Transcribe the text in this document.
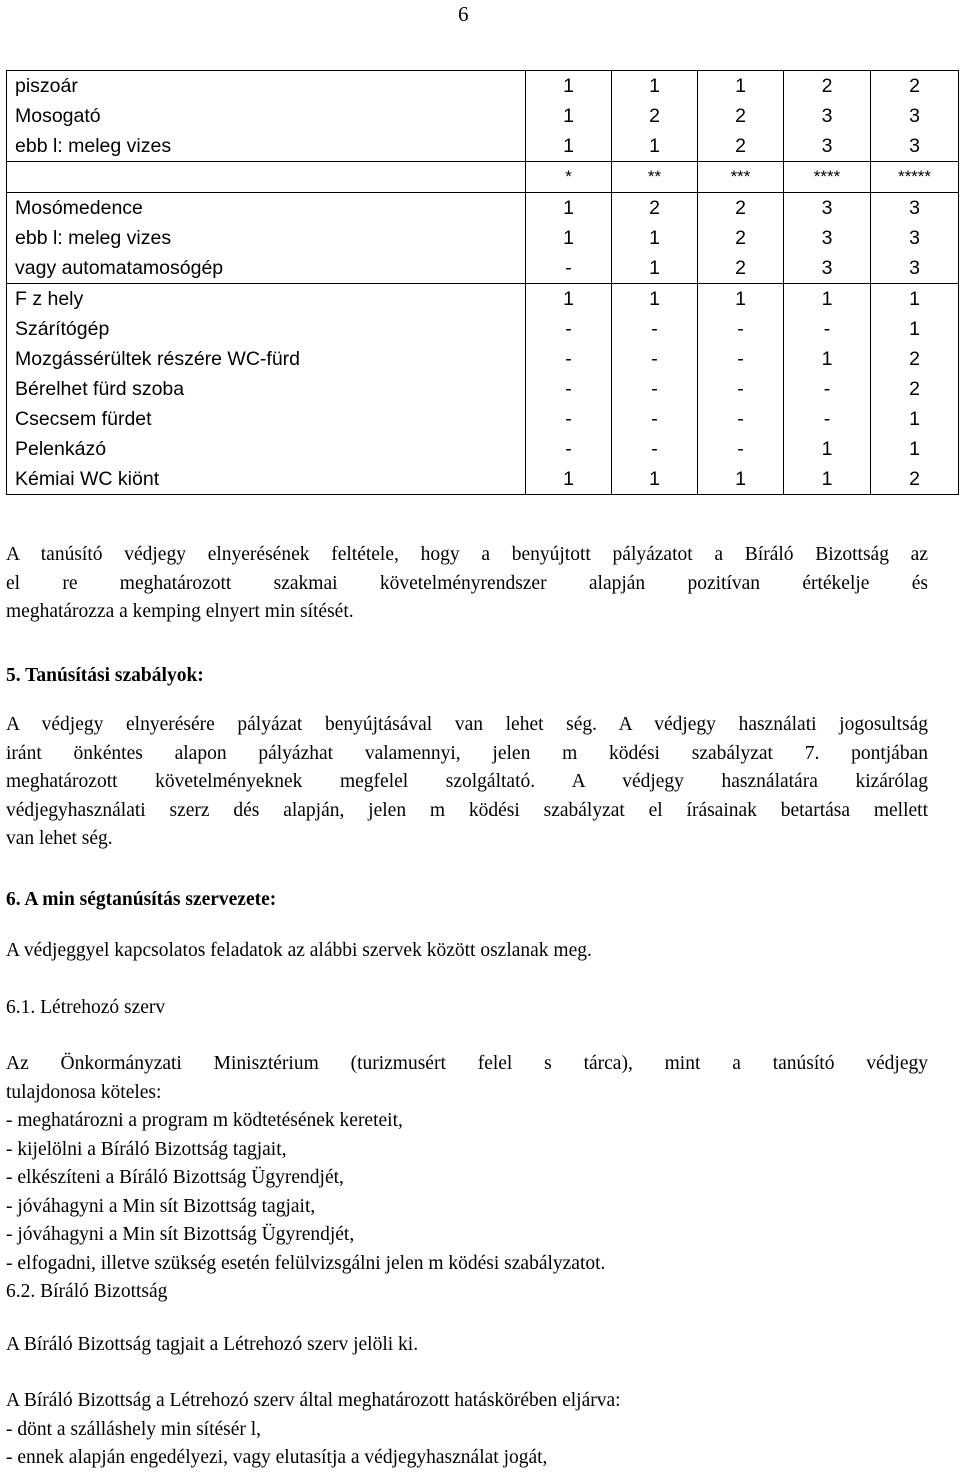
6
piszoár	1	1	1	2	2
Mosogató	1	2	2	3	3
ebb l: meleg vizes	1	1	2	3	3
	*	**	***	****	*****
Mosómedence	1	2	2	3	3
ebb l: meleg vizes	1	1	2	3	3
vagy automatamosógép	-	1	2	3	3
F z hely	1	1	1	1	1
Szárítógép	-	-	-	-	1
Mozgássérültek részére WC-fürd	-	-	-	1	2
Bérelhet fürd szoba	-	-	-	-	2
Csecsem fürdet	-	-	-	-	1
Pelenkázó	-	-	-	1	1
Kémiai WC kiönt	1	1	1	1	2

A tanúsító védjegy elnyerésének feltétele, hogy a benyújtott pályázatot a Bíráló Bizottság az

el re meghatározott szakmai követelményrendszer alapján pozitívan értékelje és

meghatározza a kemping elnyert min sítését.

5. Tanúsítási szabályok:

A védjegy elnyerésére pályázat benyújtásával van lehet ség. A védjegy használati jogosultság

iránt önkéntes alapon pályázhat valamennyi, jelen m ködési szabályzat 7. pontjában

meghatározott követelményeknek megfelel szolgáltató. A védjegy használatára kizárólag

védjegyhasználati szerz dés alapján, jelen m ködési szabályzat el írásainak betartása mellett

van lehet ség.

6. A min ségtanúsítás szervezete:
A védjeggyel kapcsolatos feladatok az alábbi szervek között oszlanak meg.
6.1. Létrehozó szerv

Az Önkormányzati Minisztérium (turizmusért felel s tárca), mint a tanúsító védjegy

tulajdonosa köteles:

- meghatározni a program m ködtetésének kereteit,

- kijelölni a Bíráló Bizottság tagjait,

- elkészíteni a Bíráló Bizottság Ügyrendjét,

- jóváhagyni a Min sít Bizottság tagjait,

- jóváhagyni a Min sít Bizottság Ügyrendjét,

- elfogadni, illetve szükség esetén felülvizsgálni jelen m ködési szabályzatot.

6.2. Bíráló Bizottság

A Bíráló Bizottság tagjait a Létrehozó szerv jelöli ki.

A Bíráló Bizottság a Létrehozó szerv által meghatározott hatáskörében eljárva:

- dönt a szálláshely min sítésér l,

- ennek alapján engedélyezi, vagy elutasítja a védjegyhasználat jogát,
